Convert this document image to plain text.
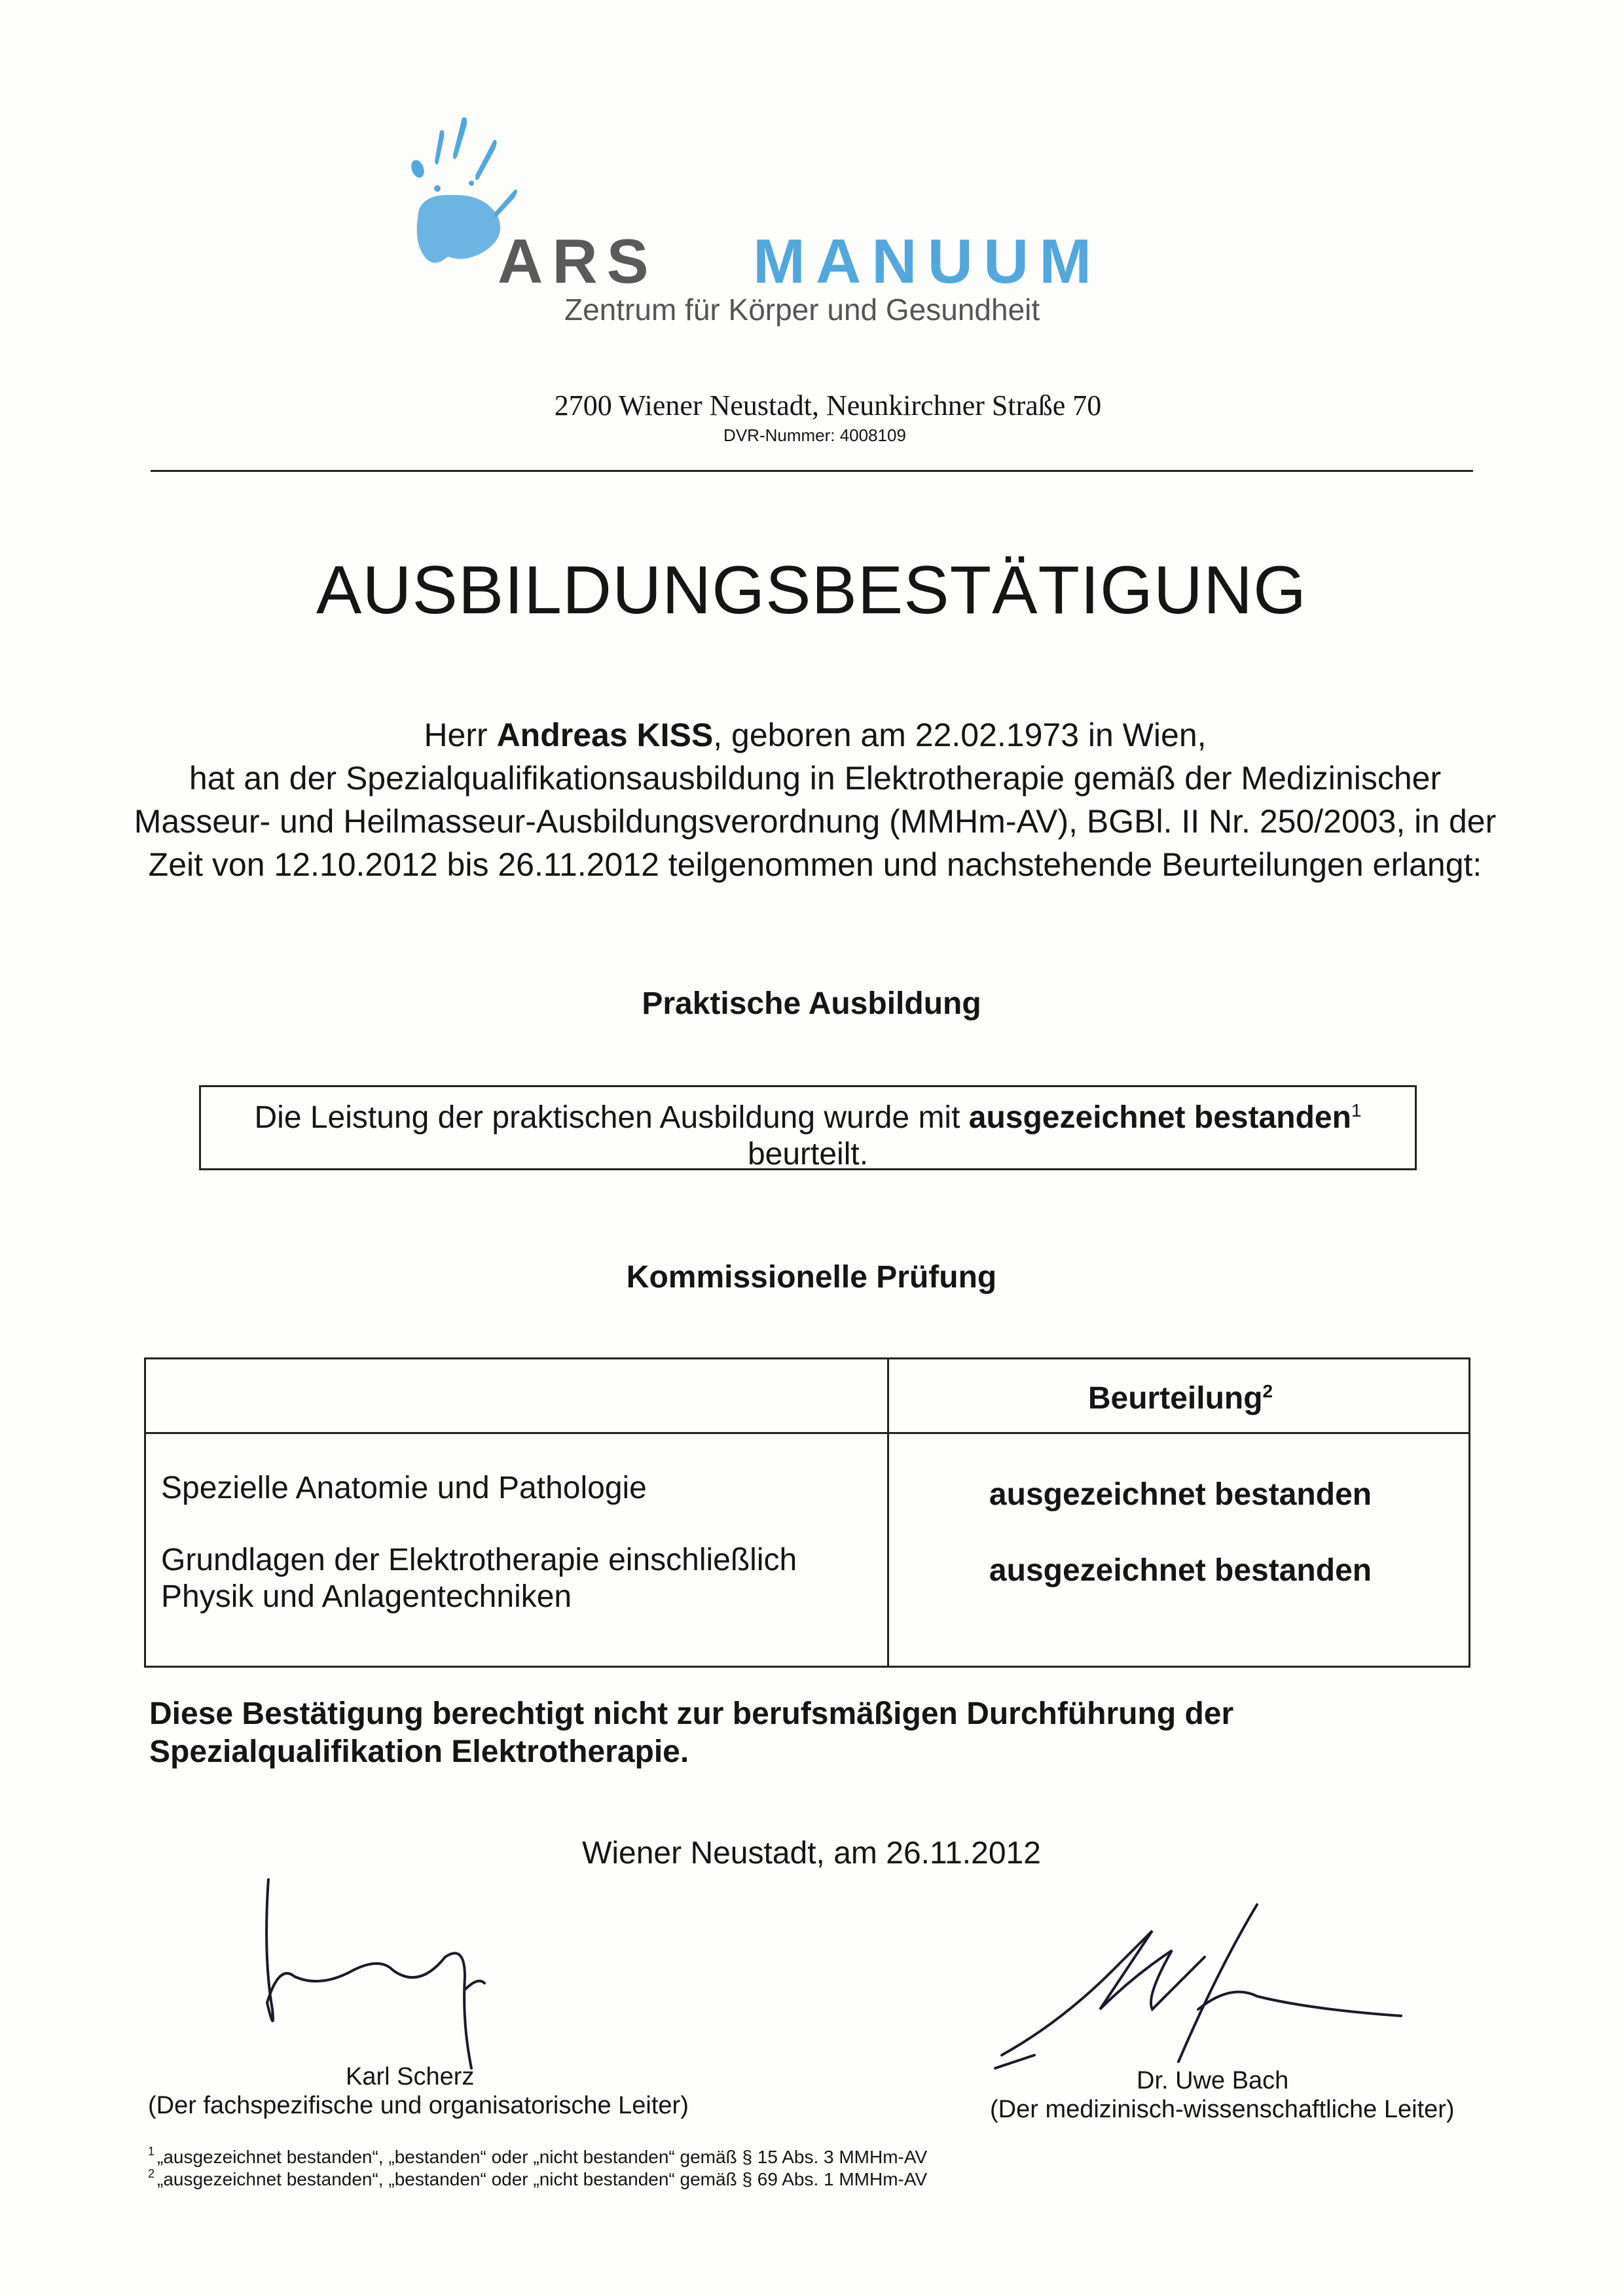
ARS MANUUM
Zentrum für Körper und Gesundheit
2700 Wiener Neustadt, Neunkirchner Straße 70
DVR-Nummer: 4008109
AUSBILDUNGSBESTÄTIGUNG
Herr Andreas KISS, geboren am 22.02.1973 in Wien,
hat an der Spezialqualifikationsausbildung in Elektrotherapie gemäß der Medizinischer Masseur- und Heilmasseur-Ausbildungsverordnung (MMHm-AV), BGBl. II Nr. 250/2003, in der Zeit von 12.10.2012 bis 26.11.2012 teilgenommen und nachstehende Beurteilungen erlangt:
Praktische Ausbildung
Die Leistung der praktischen Ausbildung wurde mit ausgezeichnet bestanden$^1$
beurteilt.
Kommissionelle Prüfung
Beurteilung$^2$
Spezielle Anatomie und Pathologie	ausgezeichnet bestanden
Grundlagen der Elektrotherapie einschließlich Physik und Anlagentechniken
ausgezeichnet bestanden
Diese Bestätigung berechtigt nicht zur berufsmäßigen Durchführung der Spezialqualifikation Elektrotherapie.
Wiener Neustadt, am 26.11.2012
Karl Scherz
(Der fachspezifische und organisatorische Leiter)
Dr. Uwe Bach
(Der medizinisch-wissenschaftliche Leiter)
$^1$ „ausgezeichnet bestanden“, „bestanden“ oder „nicht bestanden“ gemäß § 15 Abs. 3 MMHm-AV
$^2$ „ausgezeichnet bestanden“, „bestanden“ oder „nicht bestanden“ gemäß § 69 Abs. 1 MMHm-AV
